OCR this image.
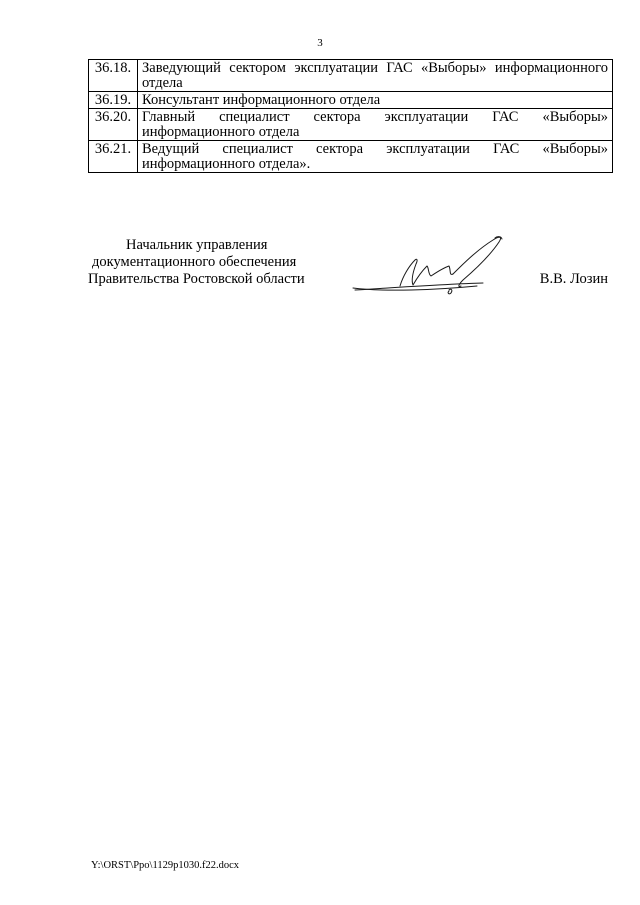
3
36.18.	Заведующий сектором эксплуатации ГАС «Выборы» информационного отдела
36.19.	Консультант информационного отдела
36.20.	Главный специалист сектора эксплуатации ГАС «Выборы» информационного отдела
36.21.	Ведущий специалист сектора эксплуатации ГАС «Выборы» информационного отдела».
Начальник управления
документационного обеспечения
Правительства Ростовской области	В.В. Лозин
Y:\ORST\Ppo\1129p1030.f22.docx
